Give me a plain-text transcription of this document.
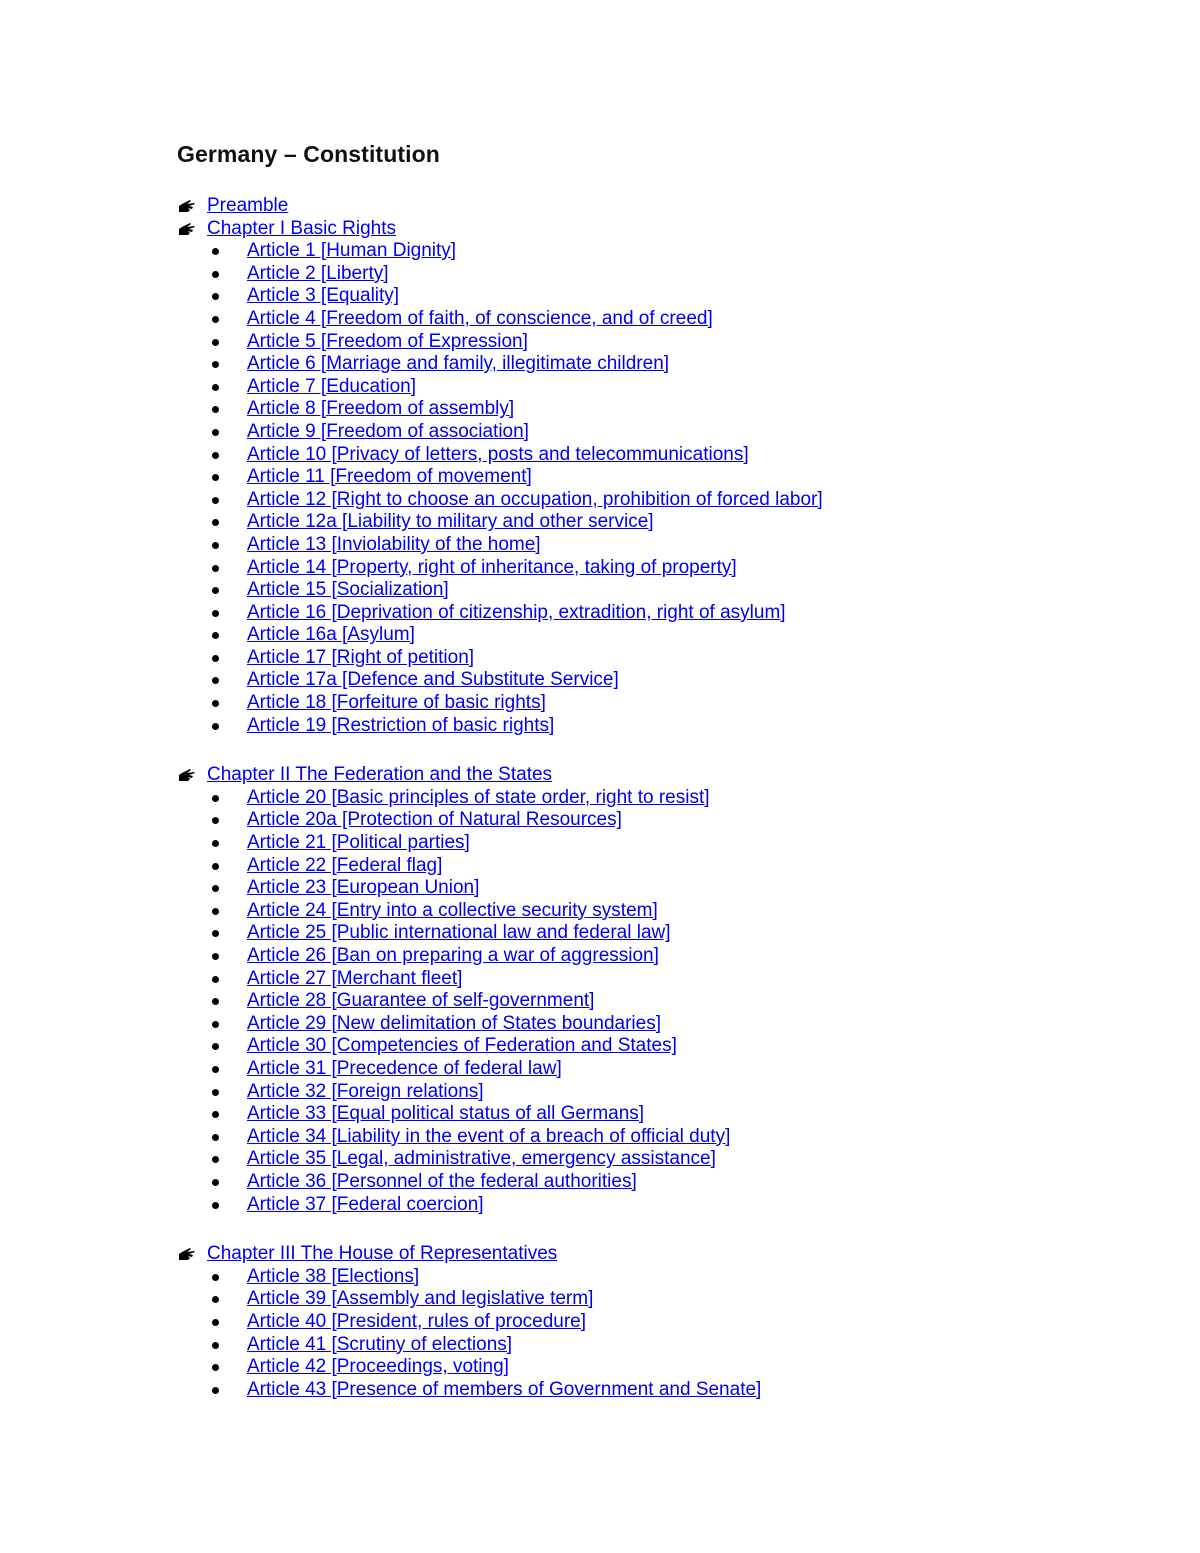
Germany – Constitution
Preamble
Chapter I Basic Rights
Article 1 [Human Dignity]
Article 2 [Liberty]
Article 3 [Equality]
Article 4 [Freedom of faith, of conscience, and of creed]
Article 5 [Freedom of Expression]
Article 6 [Marriage and family, illegitimate children]
Article 7 [Education]
Article 8 [Freedom of assembly]
Article 9 [Freedom of association]
Article 10 [Privacy of letters, posts and telecommunications]
Article 11 [Freedom of movement]
Article 12 [Right to choose an occupation, prohibition of forced labor]
Article 12a [Liability to military and other service]
Article 13 [Inviolability of the home]
Article 14 [Property, right of inheritance, taking of property]
Article 15 [Socialization]
Article 16 [Deprivation of citizenship, extradition, right of asylum]
Article 16a [Asylum]
Article 17 [Right of petition]
Article 17a [Defence and Substitute Service]
Article 18 [Forfeiture of basic rights]
Article 19 [Restriction of basic rights]
Chapter II The Federation and the States
Article 20 [Basic principles of state order, right to resist]
Article 20a [Protection of Natural Resources]
Article 21 [Political parties]
Article 22 [Federal flag]
Article 23 [European Union]
Article 24 [Entry into a collective security system]
Article 25 [Public international law and federal law]
Article 26 [Ban on preparing a war of aggression]
Article 27 [Merchant fleet]
Article 28 [Guarantee of self-government]
Article 29 [New delimitation of States boundaries]
Article 30 [Competencies of Federation and States]
Article 31 [Precedence of federal law]
Article 32 [Foreign relations]
Article 33 [Equal political status of all Germans]
Article 34 [Liability in the event of a breach of official duty]
Article 35 [Legal, administrative, emergency assistance]
Article 36 [Personnel of the federal authorities]
Article 37 [Federal coercion]
Chapter III The House of Representatives
Article 38 [Elections]
Article 39 [Assembly and legislative term]
Article 40 [President, rules of procedure]
Article 41 [Scrutiny of elections]
Article 42 [Proceedings, voting]
Article 43 [Presence of members of Government and Senate]
